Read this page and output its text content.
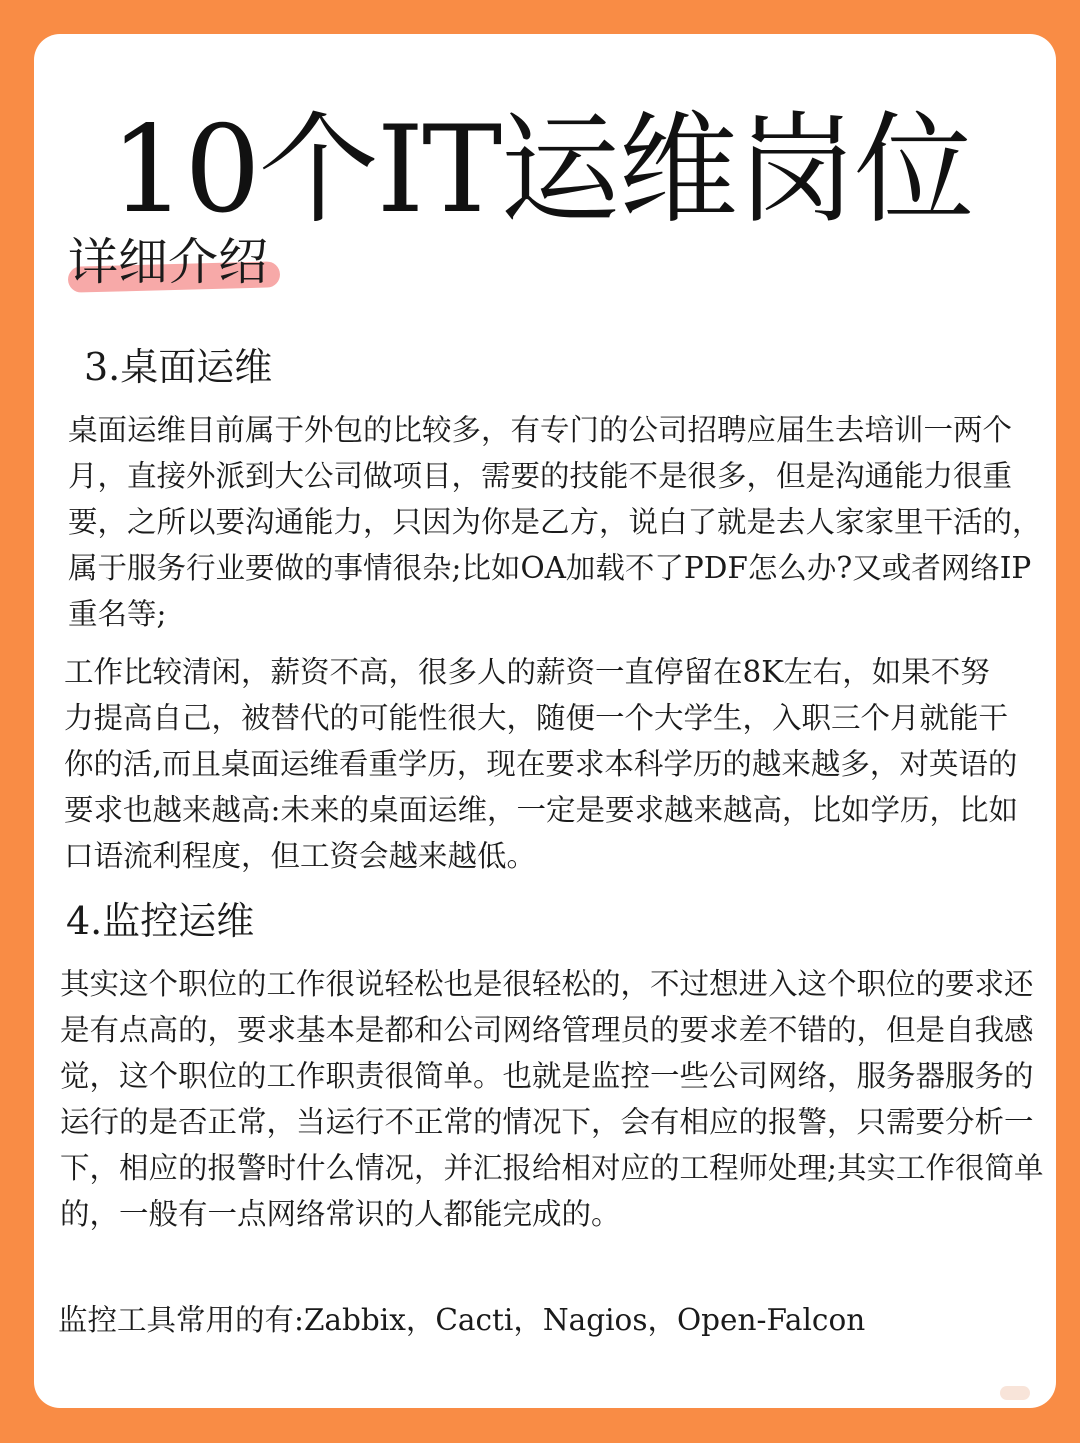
10个IT运维岗位
详细介绍
3.桌面运维
桌面运维目前属于外包的比较多，有专门的公司招聘应届生去培训一两个月，直接外派到大公司做项目，需要的技能不是很多，但是沟通能力很重要，之所以要沟通能力，只因为你是乙方，说白了就是去人家家里干活的，属于服务行业要做的事情很杂;比如OA加载不了PDF怎么办?又或者网络IP重名等;
工作比较清闲，薪资不高，很多人的薪资一直停留在8K左右，如果不努力提高自己，被替代的可能性很大，随便一个大学生，入职三个月就能干你的活,而且桌面运维看重学历，现在要求本科学历的越来越多，对英语的要求也越来越高:未来的桌面运维，一定是要求越来越高，比如学历，比如口语流利程度，但工资会越来越低。
4.监控运维
其实这个职位的工作很说轻松也是很轻松的，不过想进入这个职位的要求还是有点高的，要求基本是都和公司网络管理员的要求差不错的，但是自我感觉，这个职位的工作职责很简单。也就是监控一些公司网络，服务器服务的运行的是否正常，当运行不正常的情况下，会有相应的报警，只需要分析一下，相应的报警时什么情况，并汇报给相对应的工程师处理;其实工作很简单的，一般有一点网络常识的人都能完成的。
监控工具常用的有:Zabbix，Cacti，Nagios，Open-Falcon
